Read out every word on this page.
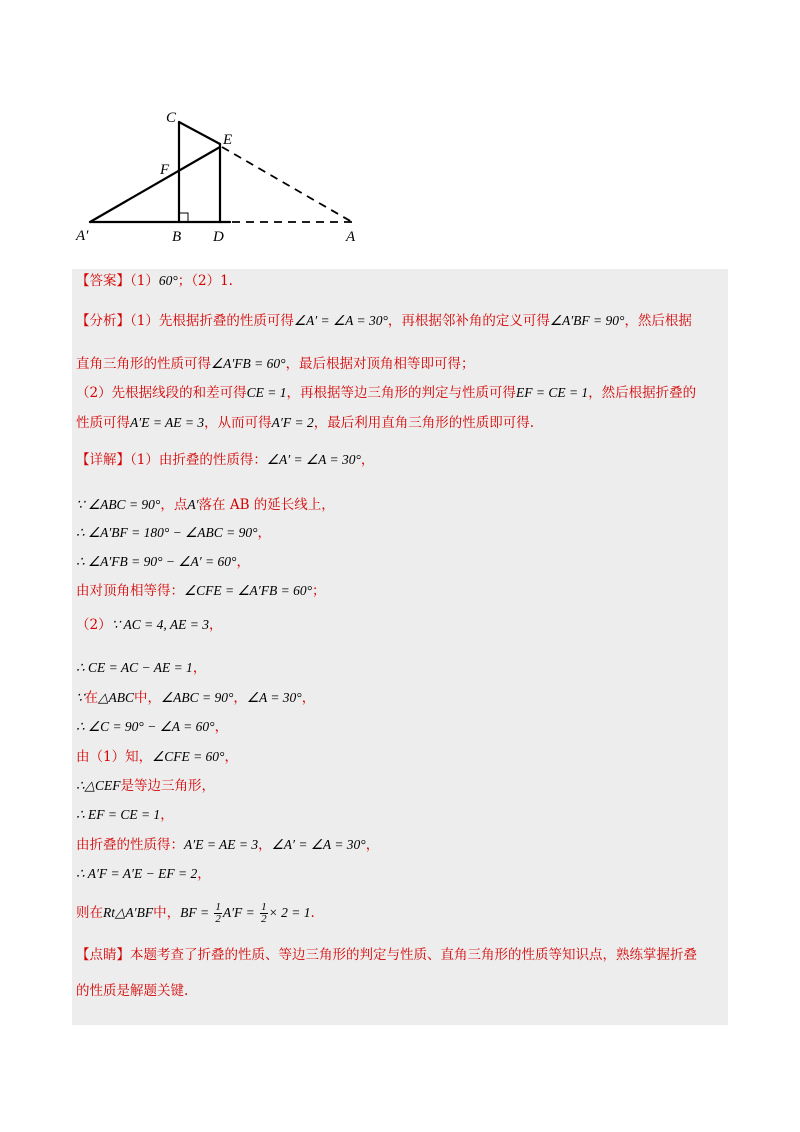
C
E
F
A′	B D	A
【答案】（1）60°；（2）1.
【分析】（1）先根据折叠的性质可得∠A′ = ∠A = 30°，再根据邻补角的定义可得∠A′BF = 90°，然后根据
直角三角形的性质可得∠A′FB = 60°，最后根据对顶角相等即可得；
（2）先根据线段的和差可得CE = 1，再根据等边三角形的判定与性质可得EF = CE = 1，然后根据折叠的
性质可得A′E = AE = 3，从而可得A′F = 2，最后利用直角三角形的性质即可得.
【详解】（1）由折叠的性质得：∠A′ = ∠A = 30°，
∵ ∠ABC = 90°，点A′落在 AB 的延长线上，
∴ ∠A′BF = 180° − ∠ABC = 90°，
∴ ∠A′FB = 90° − ∠A′ = 60°，
由对顶角相等得：∠CFE = ∠A′FB = 60°；
（2）∵ AC = 4, AE = 3，
∴ CE = AC − AE = 1，
∵在△ABC中，∠ABC = 90°，∠A = 30°，
∴ ∠C = 90° − ∠A = 60°，
由（1）知，∠CFE = 60°，
∴△CEF是等边三角形，
∴ EF = CE = 1，
由折叠的性质得：A′E = AE = 3，∠A′ = ∠A = 30°，
∴ A′F = A′E − EF = 2，
则在Rt△A′BF中，BF = $\frac{1}{2} A'F = \frac{1}{2} \times 2 = 1$.
【点睛】本题考查了折叠的性质、等边三角形的判定与性质、直角三角形的性质等知识点，熟练掌握折叠
的性质是解题关键.
